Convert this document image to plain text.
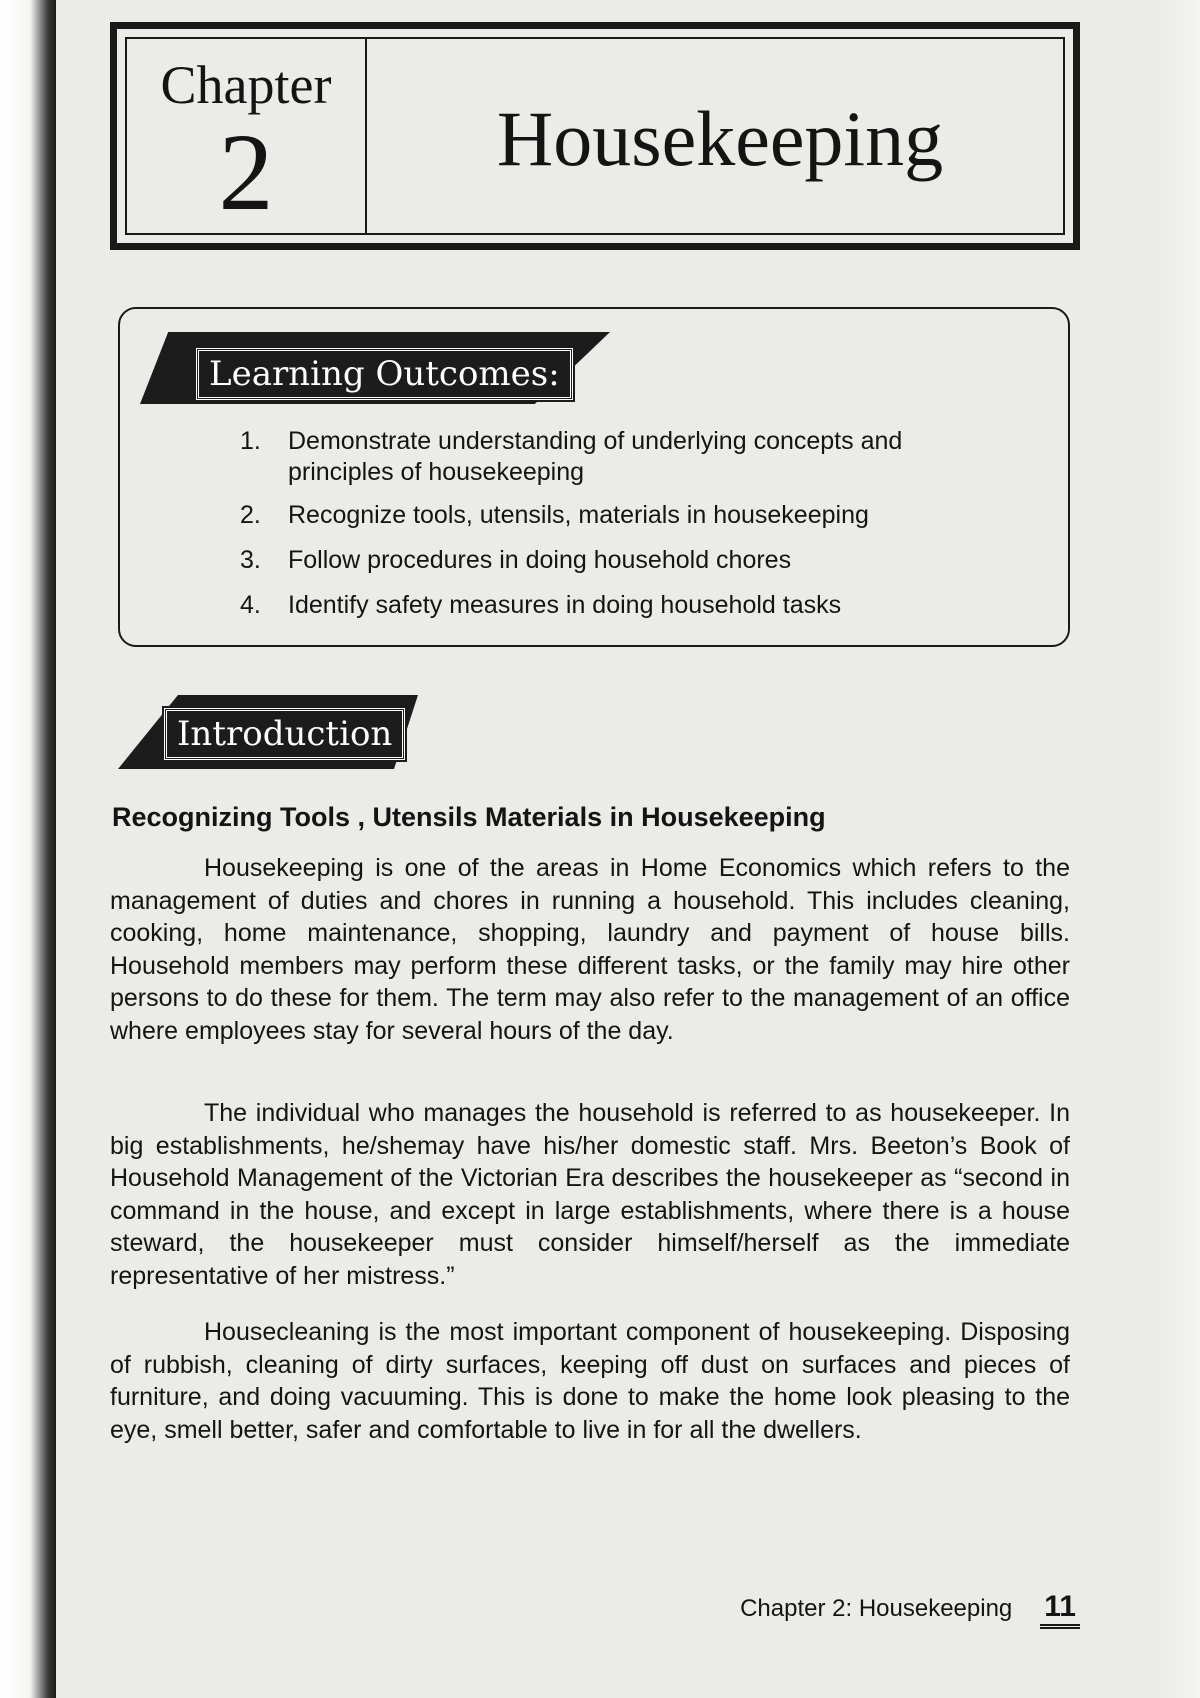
Chapter
2	Housekeeping
Learning Outcomes:
1.	Demonstrate understanding of underlying concepts and principles of housekeeping
2.	Recognize tools, utensils, materials in housekeeping
3.	Follow procedures in doing household chores
4.	Identify safety measures in doing household tasks
Introduction
Recognizing Tools , Utensils Materials in Housekeeping

Housekeeping is one of the areas in Home Economics which refers to the management of duties and chores in running a household. This includes cleaning, cooking, home maintenance, shopping, laundry and payment of house bills. Household members may perform these different tasks, or the family may hire other persons to do these for them. The term may also refer to the management of an office where employees stay for several hours of the day.

The individual who manages the household is referred to as housekeeper. In big establishments, he/shemay have his/her domestic staff. Mrs. Beeton’s Book of Household Management of the Victorian Era describes the housekeeper as “second in command in the house, and except in large establishments, where there is a house steward, the housekeeper must consider himself/herself as the immediate representative of her mistress.”

Housecleaning is the most important component of housekeeping. Disposing of rubbish, cleaning of dirty surfaces, keeping off dust on surfaces and pieces of furniture, and doing vacuuming. This is done to make the home look pleasing to the eye, smell better, safer and comfortable to live in for all the dwellers.

Chapter 2: Housekeeping 11
